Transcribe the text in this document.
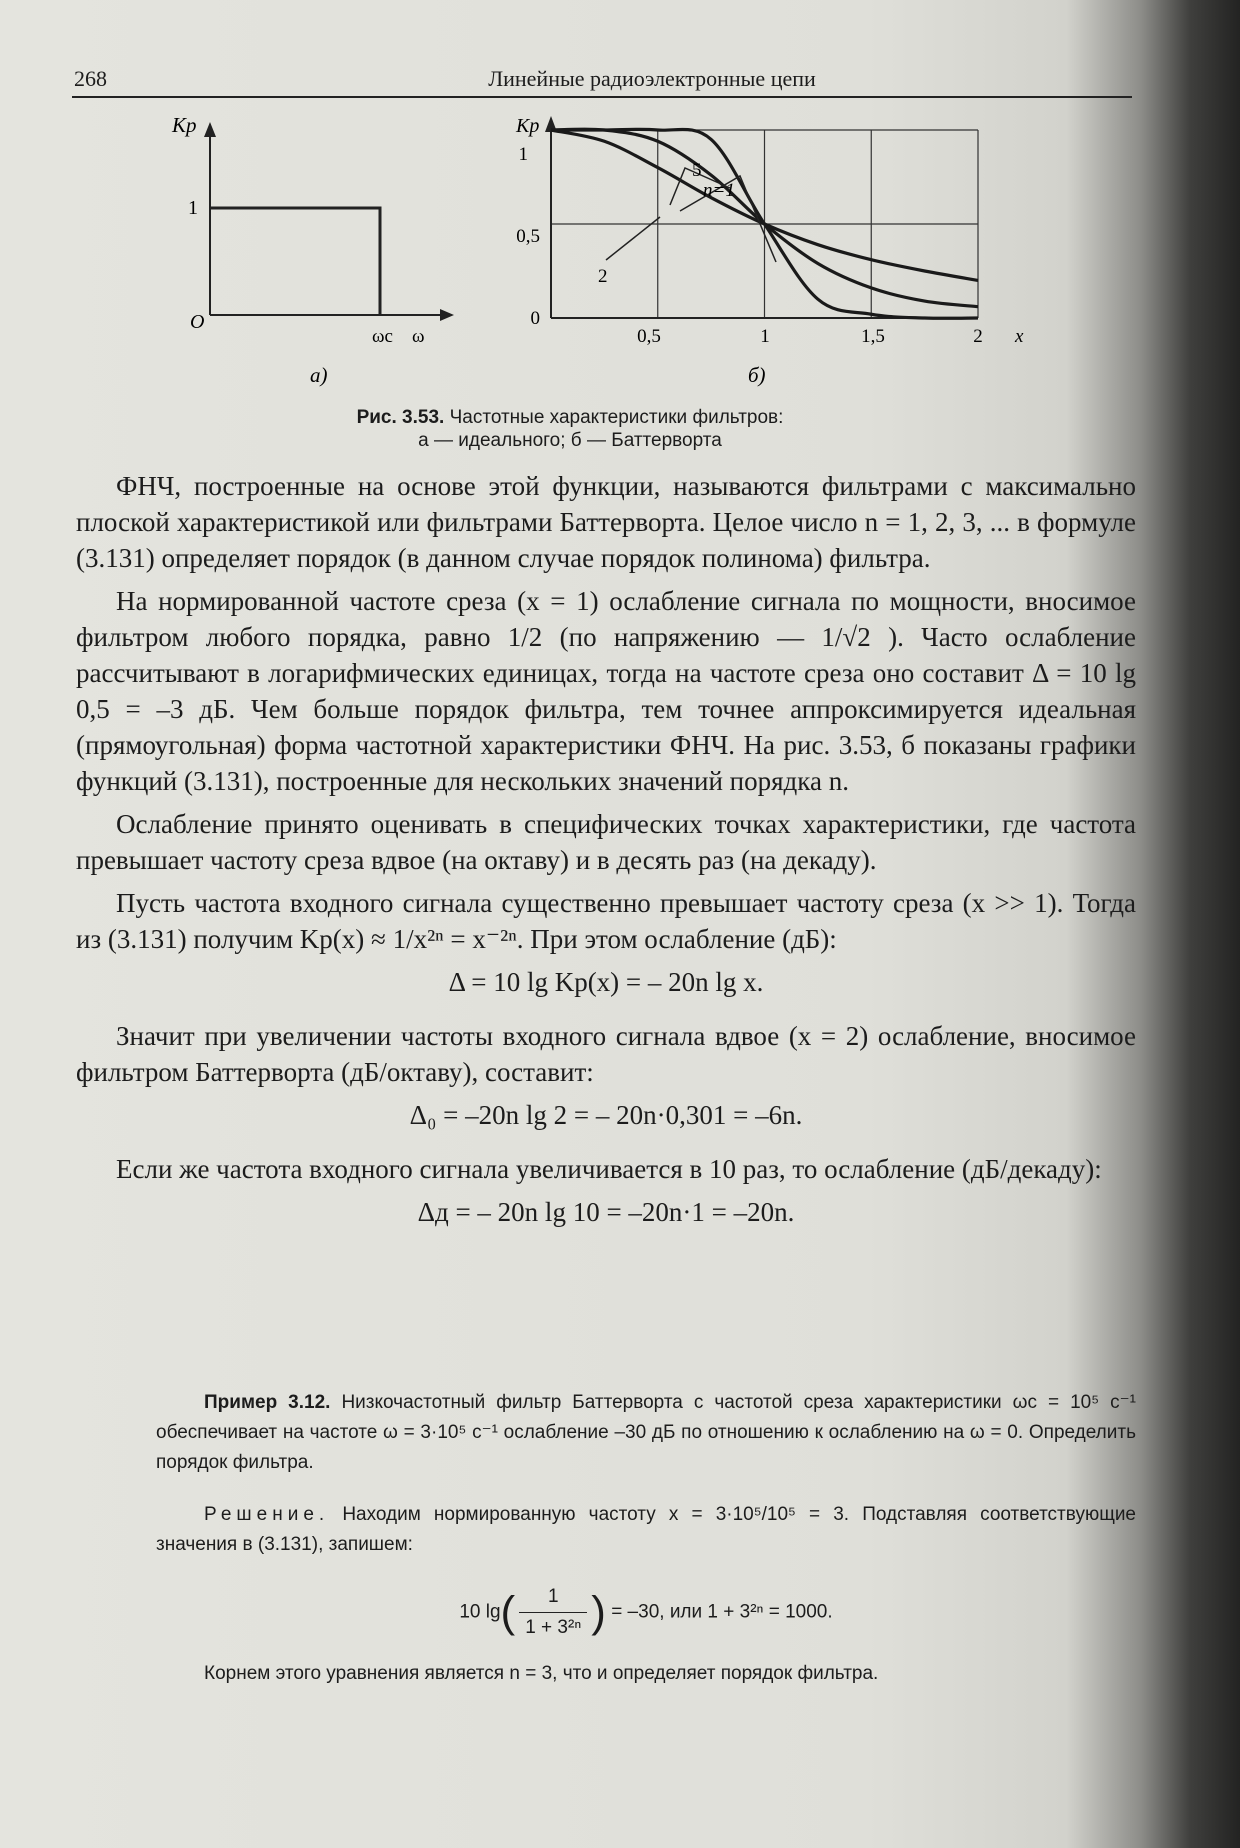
268	Линейные радиоэлектронные цепи
Kp
1
O
ωc ω
а)
Kp
1
0,5
0
0,5	1	1,5	2 x
n=1
2
5
б)
Рис. 3.53. Частотные характеристики фильтров:
а — идеального; б — Баттерворта

ФНЧ, построенные на основе этой функции, называются фильтрами с максимально плоской характеристикой или фильтрами Баттерворта. Целое число n = 1, 2, 3, ... в формуле (3.131) определяет порядок (в данном случае порядок полинома) фильтра.

На нормированной частоте среза (x = 1) ослабление сигнала по мощности, вносимое фильтром любого порядка, равно 1/2 (по напряжению — 1/√2 ). Часто ослабление рассчитывают в логарифмических единицах, тогда на частоте среза оно составит Δ = 10 lg 0,5 = –3 дБ. Чем больше порядок фильтра, тем точнее аппроксимируется идеальная (прямоугольная) форма частотной характеристики ФНЧ. На рис. 3.53, б показаны графики функций (3.131), построенные для нескольких значений порядка n.

Ослабление принято оценивать в специфических точках характеристики, где частота превышает частоту среза вдвое (на октаву) и в десять раз (на декаду).

Пусть частота входного сигнала существенно превышает частоту среза (x >> 1). Тогда из (3.131) получим Kp(x) ≈ 1/x²ⁿ = x⁻²ⁿ. При этом ослабление (дБ):

Δ = 10 lg Kp(x) = – 20n lg x.

Значит при увеличении частоты входного сигнала вдвое (x = 2) ослабление, вносимое фильтром Баттерворта (дБ/октаву), составит:

Δ₀ = –20n lg 2 = – 20n·0,301 = –6n.

Если же частота входного сигнала увеличивается в 10 раз, то ослабление (дБ/декаду):

Δд = – 20n lg 10 = –20n·1 = –20n.

Пример 3.12. Низкочастотный фильтр Баттерворта с частотой среза характеристики ωc = 10⁵ c⁻¹ обеспечивает на частоте ω = 3·10⁵ c⁻¹ ослабление –30 дБ по отношению к ослаблению на ω = 0. Определить порядок фильтра.

Решение. Находим нормированную частоту x = 3·10⁵/10⁵ = 3. Подставляя соответствующие значения в (3.131), запишем:

10 $\lg( \frac{1}{\text{1 + 3²ⁿ}}$ ) = –30, или 1 + 3²ⁿ = 1000.

Корнем этого уравнения является n = 3, что и определяет порядок фильтра.
